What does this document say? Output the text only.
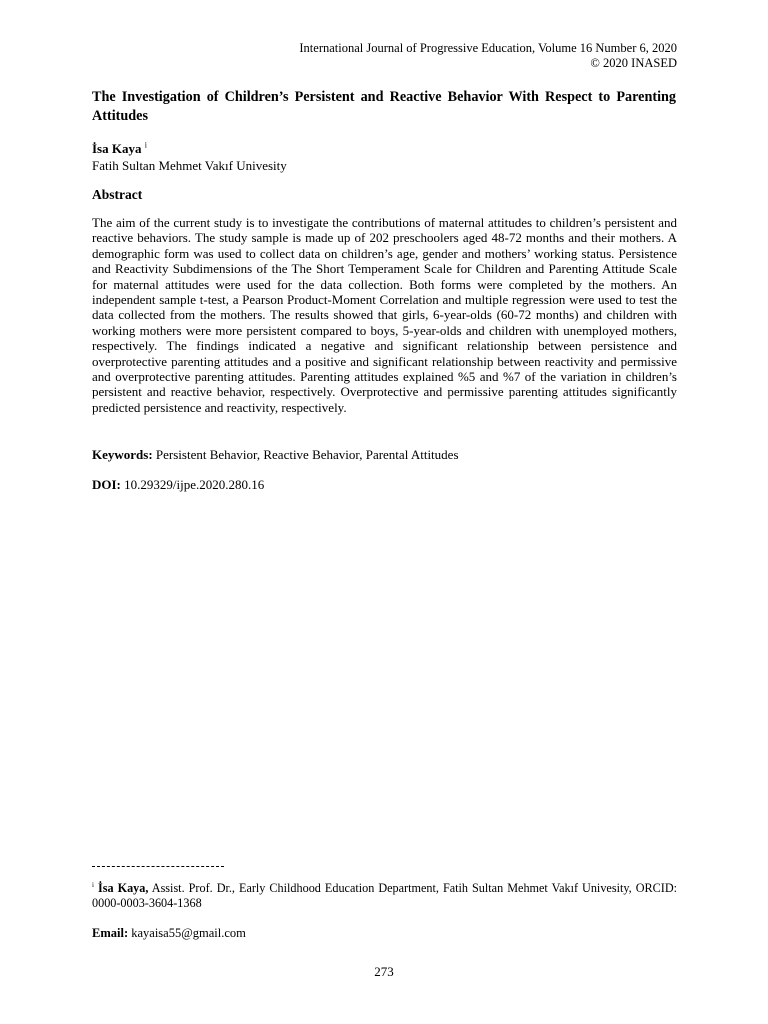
International Journal of Progressive Education, Volume 16 Number 6, 2020
© 2020 INASED
The Investigation of Children’s Persistent and Reactive Behavior With Respect to Parenting Attitudes
İsa Kaya $^i$
Fatih Sultan Mehmet Vakıf Univesity
Abstract
The aim of the current study is to investigate the contributions of maternal attitudes to children’s persistent and reactive behaviors. The study sample is made up of 202 preschoolers aged 48-72 months and their mothers. A demographic form was used to collect data on children’s age, gender and mothers’ working status. Persistence and Reactivity Subdimensions of the The Short Temperament Scale for Children and Parenting Attitude Scale for maternal attitudes were used for the data collection. Both forms were completed by the mothers. An independent sample t-test, a Pearson Product-Moment Correlation and multiple regression were used to test the data collected from the mothers. The results showed that girls, 6-year-olds (60-72 months) and children with working mothers were more persistent compared to boys, 5-year-olds and children with unemployed mothers, respectively. The findings indicated a negative and significant relationship between persistence and overprotective parenting attitudes and a positive and significant relationship between reactivity and permissive and overprotective parenting attitudes. Parenting attitudes explained %5 and %7 of the variation in children’s persistent and reactive behavior, respectively. Overprotective and permissive parenting attitudes significantly predicted persistence and reactivity, respectively.
Keywords: Persistent Behavior, Reactive Behavior, Parental Attitudes
DOI: 10.29329/ijpe.2020.280.16
$^i$ İsa Kaya, Assist. Prof. Dr., Early Childhood Education Department, Fatih Sultan Mehmet Vakıf Univesity, ORCID: 0000-0003-3604-1368
Email: kayaisa55@gmail.com
273
